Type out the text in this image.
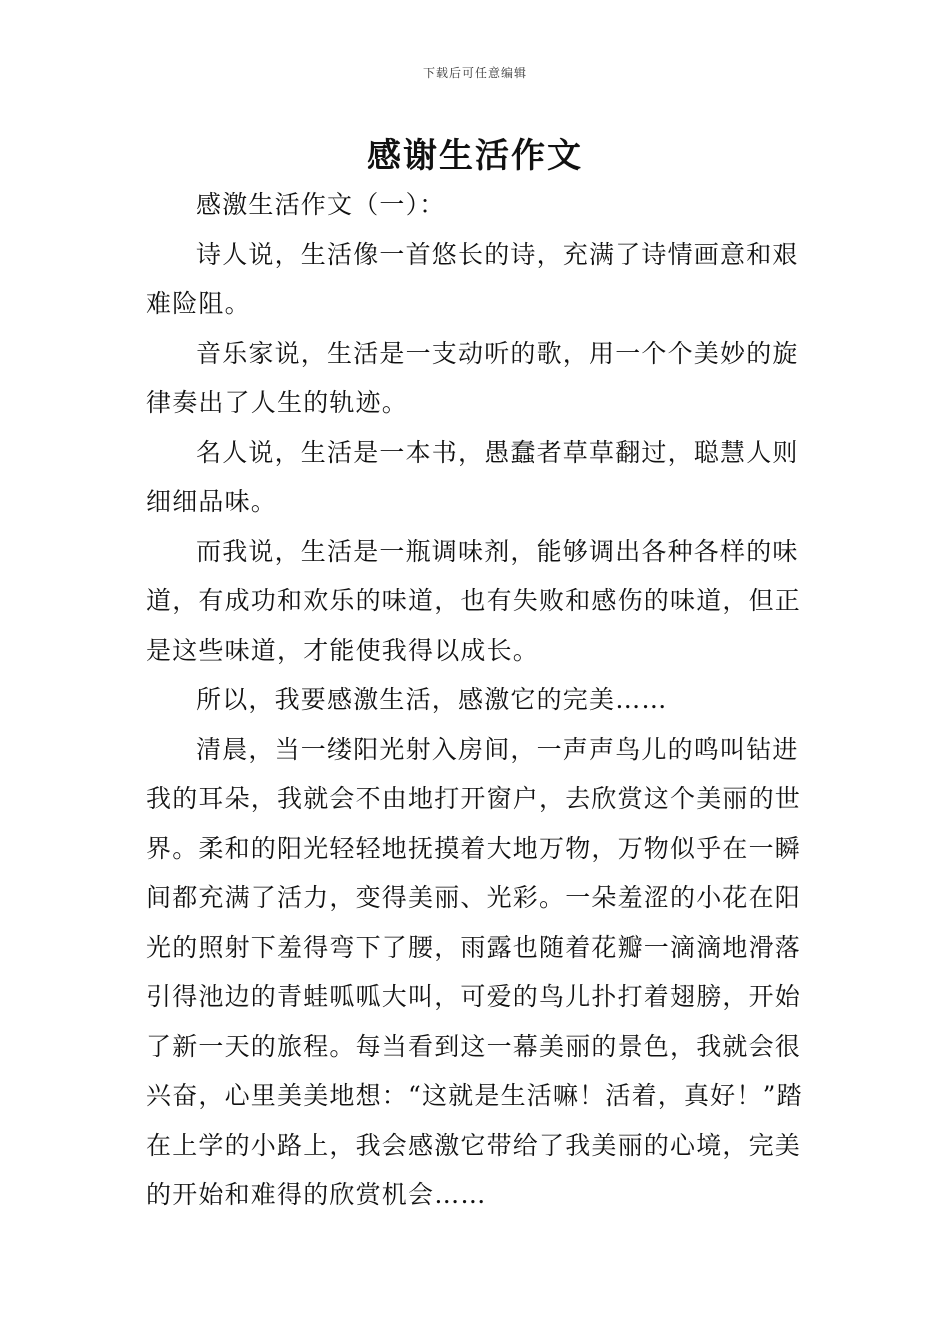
下载后可任意编辑
感谢生活作文

感激生活作文（一）：

诗人说，生活像一首悠长的诗，充满了诗情画意和艰难险阻。

音乐家说，生活是一支动听的歌，用一个个美妙的旋律奏出了人生的轨迹。

名人说，生活是一本书，愚蠢者草草翻过，聪慧人则细细品味。

而我说，生活是一瓶调味剂，能够调出各种各样的味道，有成功和欢乐的味道，也有失败和感伤的味道，但正是这些味道，才能使我得以成长。

所以，我要感激生活，感激它的完美……

清晨，当一缕阳光射入房间，一声声鸟儿的鸣叫钻进我的耳朵，我就会不由地打开窗户，去欣赏这个美丽的世界。柔和的阳光轻轻地抚摸着大地万物，万物似乎在一瞬间都充满了活力，变得美丽、光彩。一朵羞涩的小花在阳光的照射下羞得弯下了腰，雨露也随着花瓣一滴滴地滑落引得池边的青蛙呱呱大叫，可爱的鸟儿扑打着翅膀，开始了新一天的旅程。每当看到这一幕美丽的景色，我就会很兴奋，心里美美地想：“这就是生活嘛！活着，真好！”踏在上学的小路上，我会感激它带给了我美丽的心境，完美的开始和难得的欣赏机会……
